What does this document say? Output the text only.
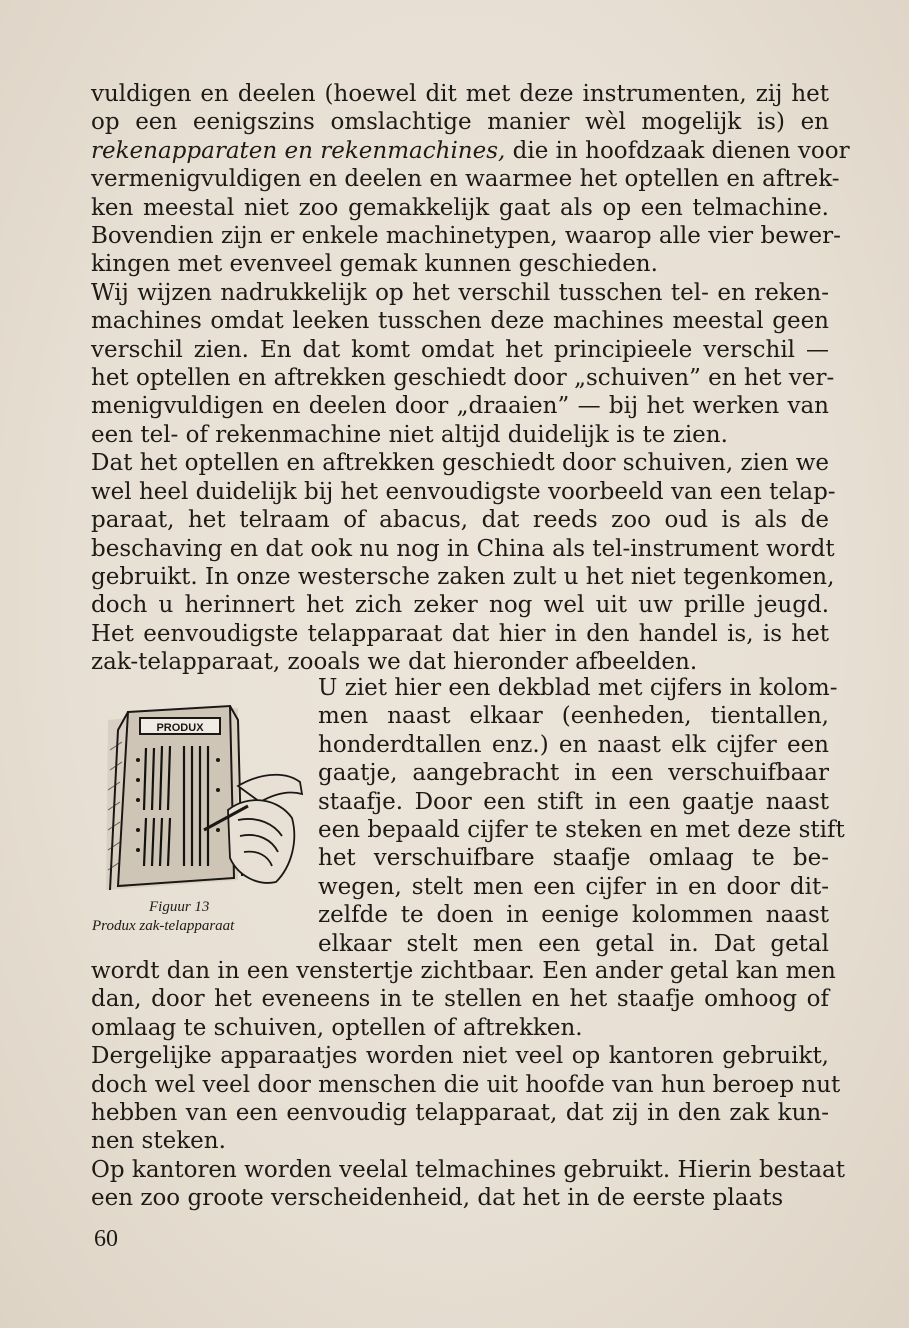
vuldigen en deelen (hoewel dit met deze instrumenten, zij het
op een eenigszins omslachtige manier wèl mogelijk is) en
rekenapparaten en rekenmachines, die in hoofdzaak dienen voor
vermenigvuldigen en deelen en waarmee het optellen en aftrek-
ken meestal niet zoo gemakkelijk gaat als op een telmachine.
Bovendien zijn er enkele machinetypen, waarop alle vier bewer-
kingen met evenveel gemak kunnen geschieden.
Wij wijzen nadrukkelijk op het verschil tusschen tel- en reken-
machines omdat leeken tusschen deze machines meestal geen
verschil zien. En dat komt omdat het principieele verschil —
het optellen en aftrekken geschiedt door „schuiven” en het ver-
menigvuldigen en deelen door „draaien” — bij het werken van
een tel- of rekenmachine niet altijd duidelijk is te zien.
Dat het optellen en aftrekken geschiedt door schuiven, zien we
wel heel duidelijk bij het eenvoudigste voorbeeld van een telap-
paraat, het telraam of abacus, dat reeds zoo oud is als de
beschaving en dat ook nu nog in China als tel-instrument wordt
gebruikt. In onze westersche zaken zult u het niet tegenkomen,
doch u herinnert het zich zeker nog wel uit uw prille jeugd.
Het eenvoudigste telapparaat dat hier in den handel is, is het
zak-telapparaat, zooals we dat hieronder afbeelden.
PRODUX
Figuur 13
Produx zak-telapparaat
U ziet hier een dekblad met cijfers in kolom-
men naast elkaar (eenheden, tientallen,
honderdtallen enz.) en naast elk cijfer een
gaatje, aangebracht in een verschuifbaar
staafje. Door een stift in een gaatje naast
een bepaald cijfer te steken en met deze stift
het verschuifbare staafje omlaag te be-
wegen, stelt men een cijfer in en door dit-
zelfde te doen in eenige kolommen naast
elkaar stelt men een getal in. Dat getal
wordt dan in een venstertje zichtbaar. Een ander getal kan men
dan, door het eveneens in te stellen en het staafje omhoog of
omlaag te schuiven, optellen of aftrekken.
Dergelijke apparaatjes worden niet veel op kantoren gebruikt,
doch wel veel door menschen die uit hoofde van hun beroep nut
hebben van een eenvoudig telapparaat, dat zij in den zak kun-
nen steken.
Op kantoren worden veelal telmachines gebruikt. Hierin bestaat
een zoo groote verscheidenheid, dat het in de eerste plaats
60
